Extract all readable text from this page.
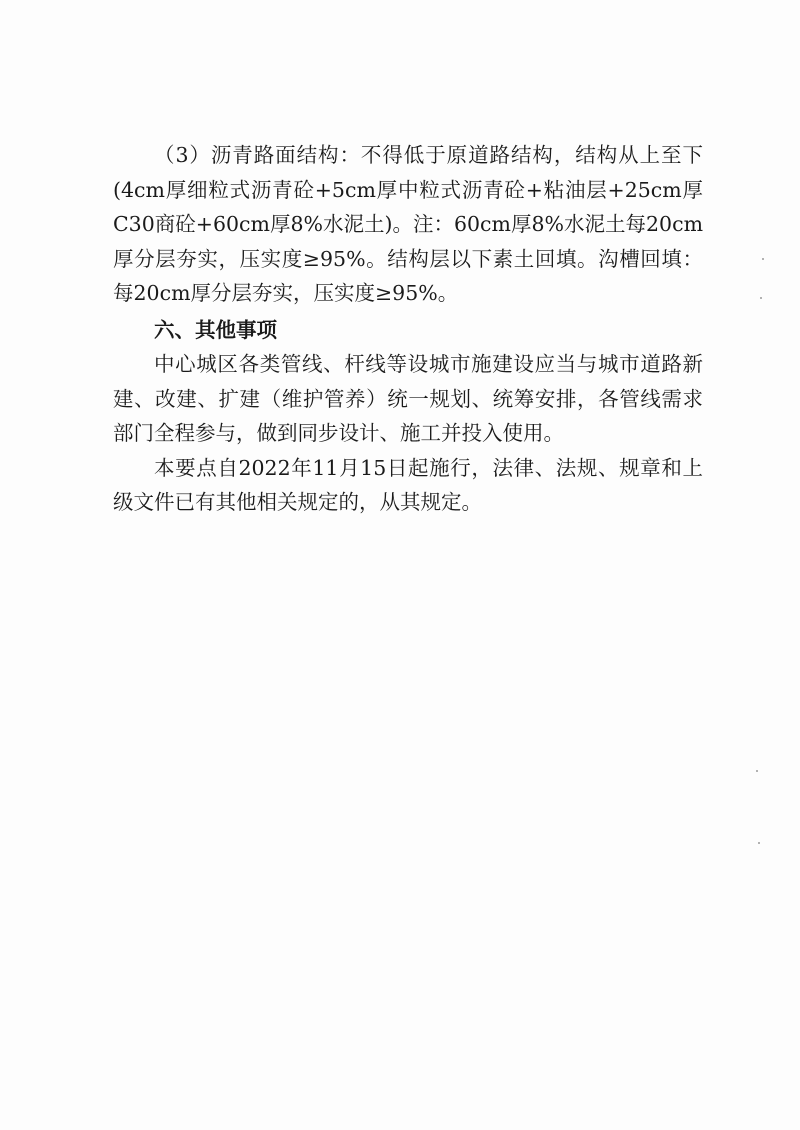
（3）沥青路面结构：不得低于原道路结构，结构从上至下(4cm厚细粒式沥青砼+5cm厚中粒式沥青砼+粘油层+25cm厚C30商砼+60cm厚8%水泥土)。注：60cm厚8%水泥土每20cm厚分层夯实，压实度≥95%。结构层以下素土回填。沟槽回填：每20cm厚分层夯实，压实度≥95%。

六、其他事项

中心城区各类管线、杆线等设城市施建设应当与城市道路新建、改建、扩建（维护管养）统一规划、统筹安排，各管线需求部门全程参与，做到同步设计、施工并投入使用。

本要点自2022年11月15日起施行，法律、法规、规章和上级文件已有其他相关规定的，从其规定。
